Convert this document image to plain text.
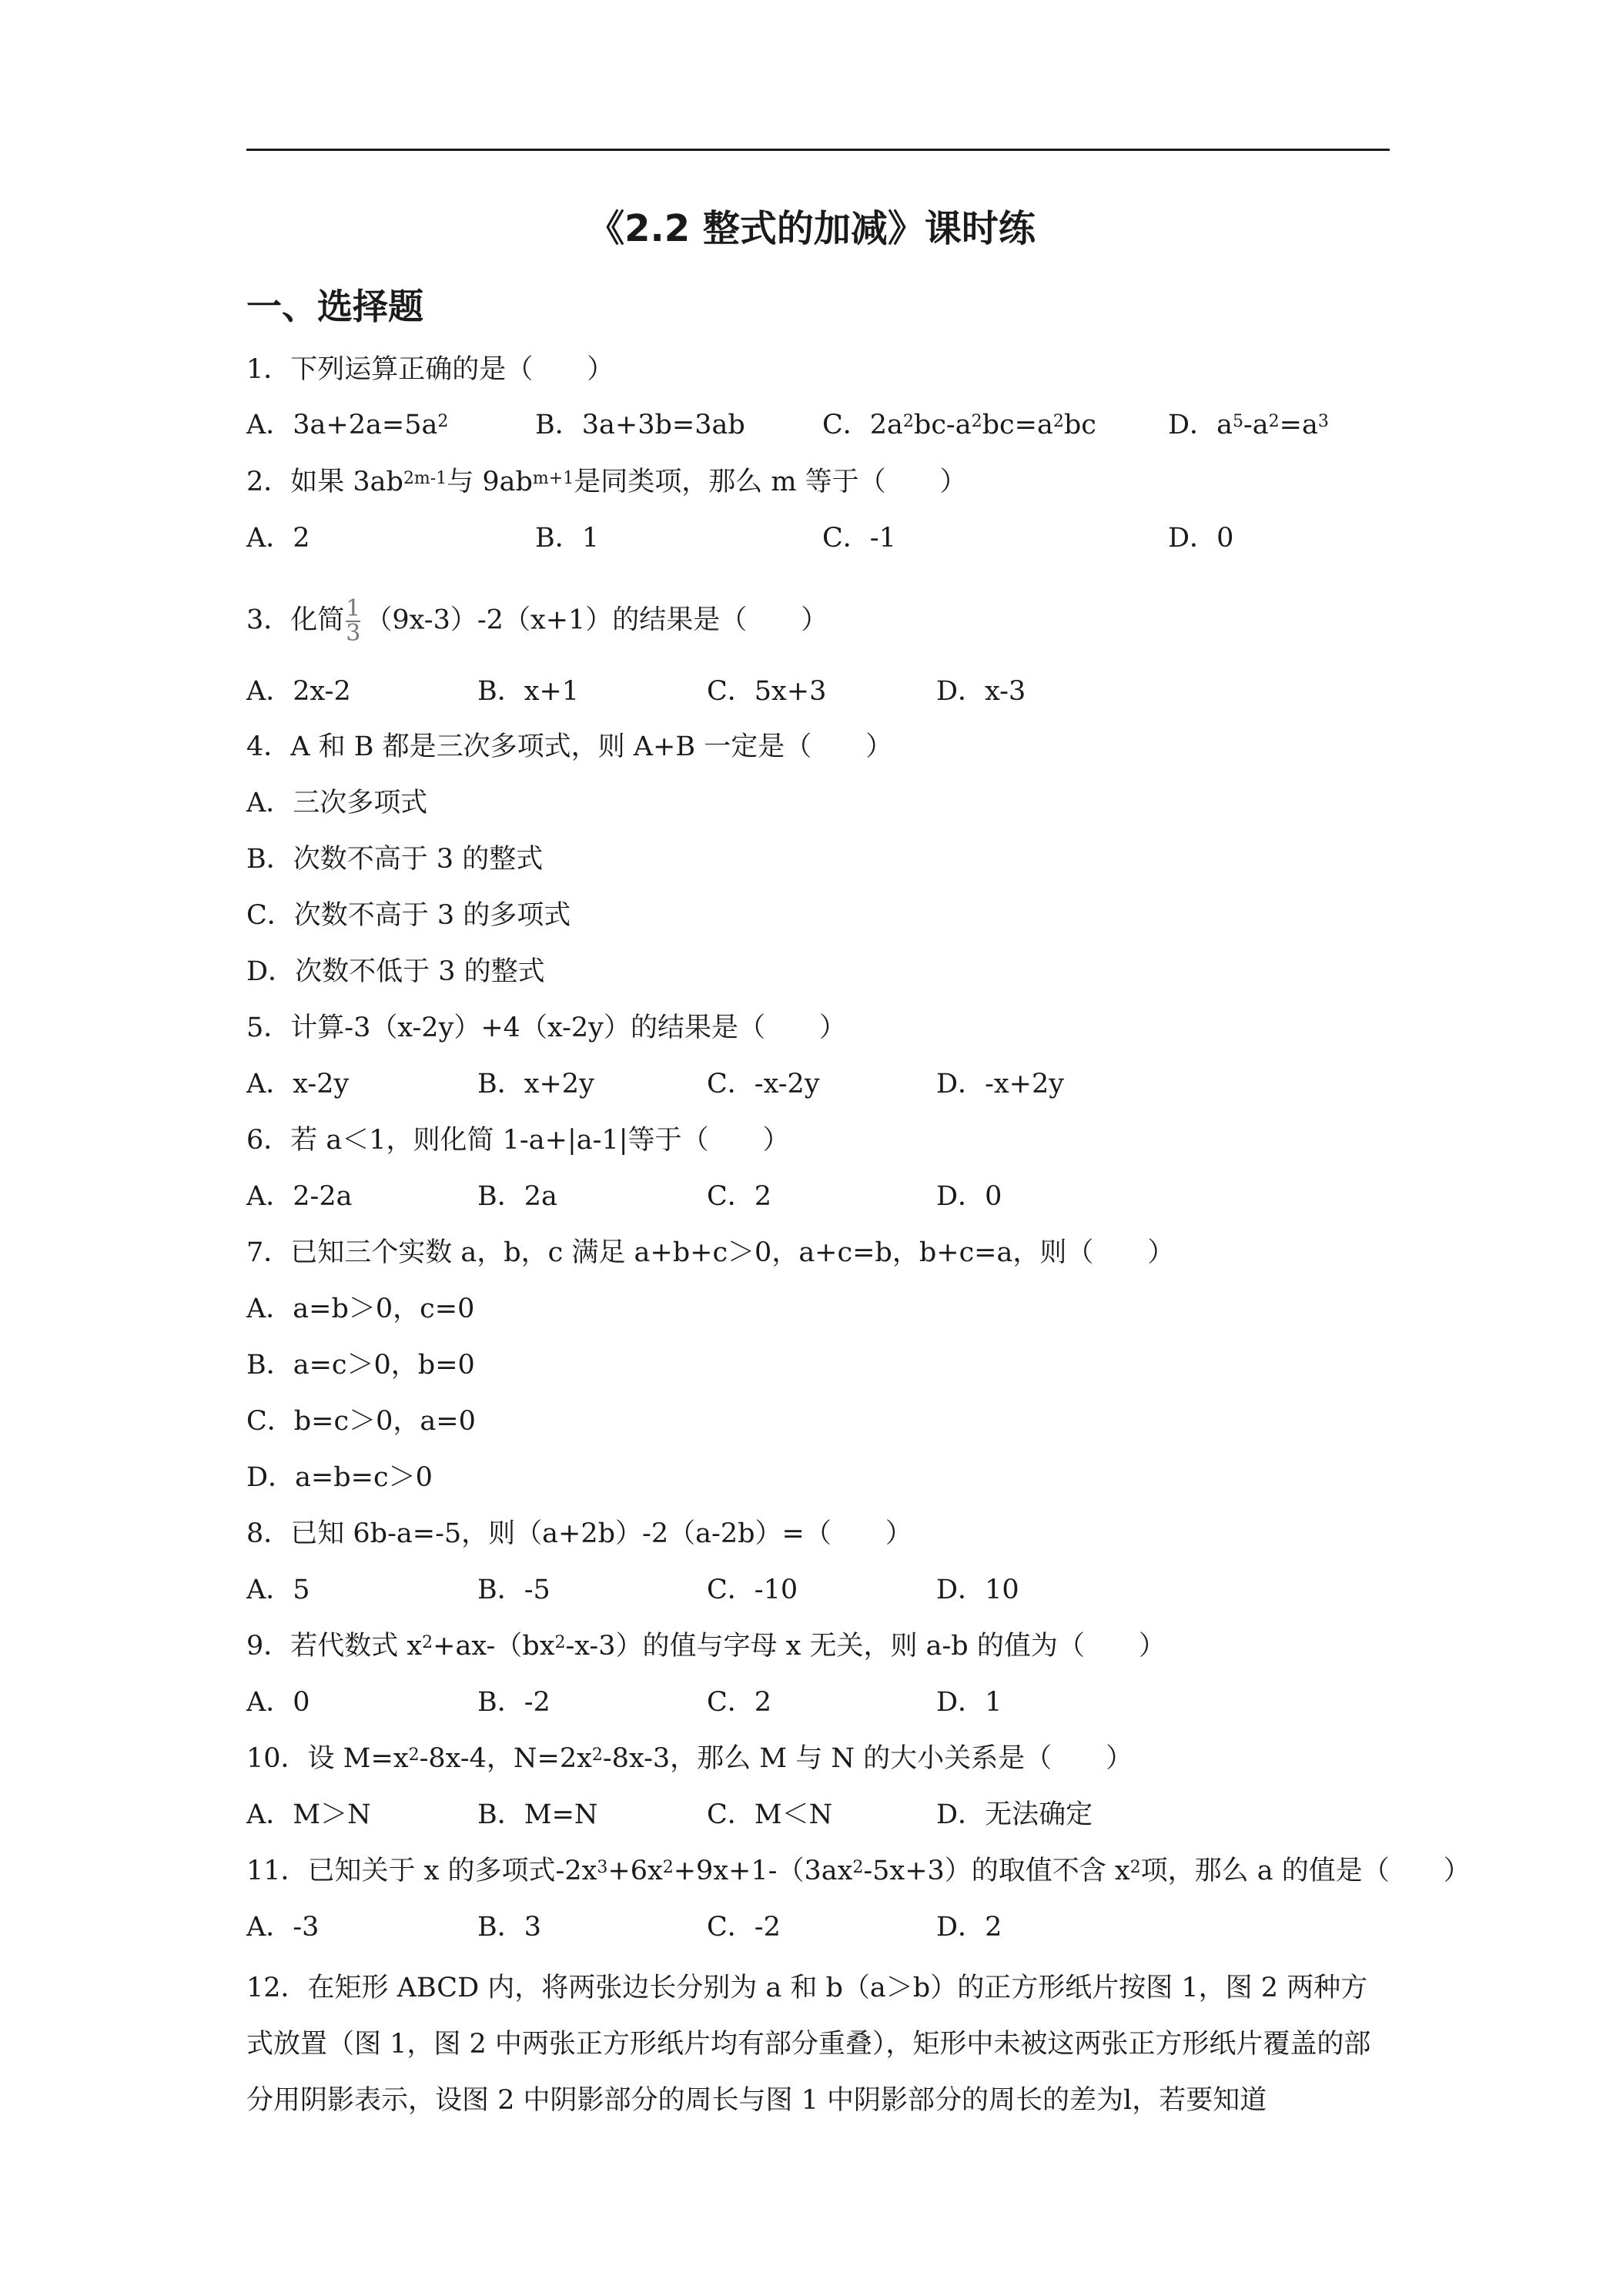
《2.2 整式的加减》课时练
一、选择题
1．下列运算正确的是（　　）
A．$3a+2a=5a^2$	B．3a+3b=3ab	C．$2a^2bc-a^2bc=a^2bc$	D．$a^5-a^2=a^3$
2．如果 $3ab^{2m-1}$与 $9ab^{m+1}$是同类项，那么 m 等于（　　）
A．2	B．1	C．-1	D．0
3．化简 $\frac{1}{3} (9x-3)-2(x+1)$的结果是（　　）
A．2x-2	B．x+1	C．5x+3	D．x-3
4．A 和 B 都是三次多项式，则 A+B 一定是（　　）
A．三次多项式
B．次数不高于 3 的整式
C．次数不高于 3 的多项式
D．次数不低于 3 的整式
5．计算-3（x-2y）+4（x-2y）的结果是（　　）
A．x-2y	B．x+2y	C．-x-2y	D．-x+2y
6．若 a＜1，则化简 1-a+|a-1|等于（　　）
A．2-2a	B．2a	C．2	D．0
7．已知三个实数 a，b，c 满足 a+b+c＞0，a+c=b，b+c=a，则（　　）
A．a=b＞0，c=0
B．a=c＞0，b=0
C．b=c＞0，a=0
D．a=b=c＞0
8．已知 6b-a=-5，则（a+2b）-2（a-2b）=（　　）
A．5	B．-5	C．-10	D．10
9．若代数式 $x^2+ax-(bx^2-x-3)$的值与字母 x 无关，则 a-b 的值为（　　）
A．0	B．-2	C．2	D．1
10．设 $M=x^2-8x-4$，$N=2x^2-8x-3$，那么 M 与 N 的大小关系是（　　）
A．M＞N	B．M=N	C．M＜N	D．无法确定
11．已知关于 x 的多项式$-2x^3+6x^2+9x+1-(3ax^2-5x+3)$的取值不含 $x^2$项，那么 a 的值是（　　）
A．-3	B．3	C．-2	D．2
12．在矩形 ABCD 内，将两张边长分别为 a 和 b（a＞b）的正方形纸片按图 1，图 2 两种方式放置（图 1，图 2 中两张正方形纸片均有部分重叠），矩形中未被这两张正方形纸片覆盖的部分用阴影表示，设图 2 中阴影部分的周长与图 1 中阴影部分的周长的差为l，若要知道
